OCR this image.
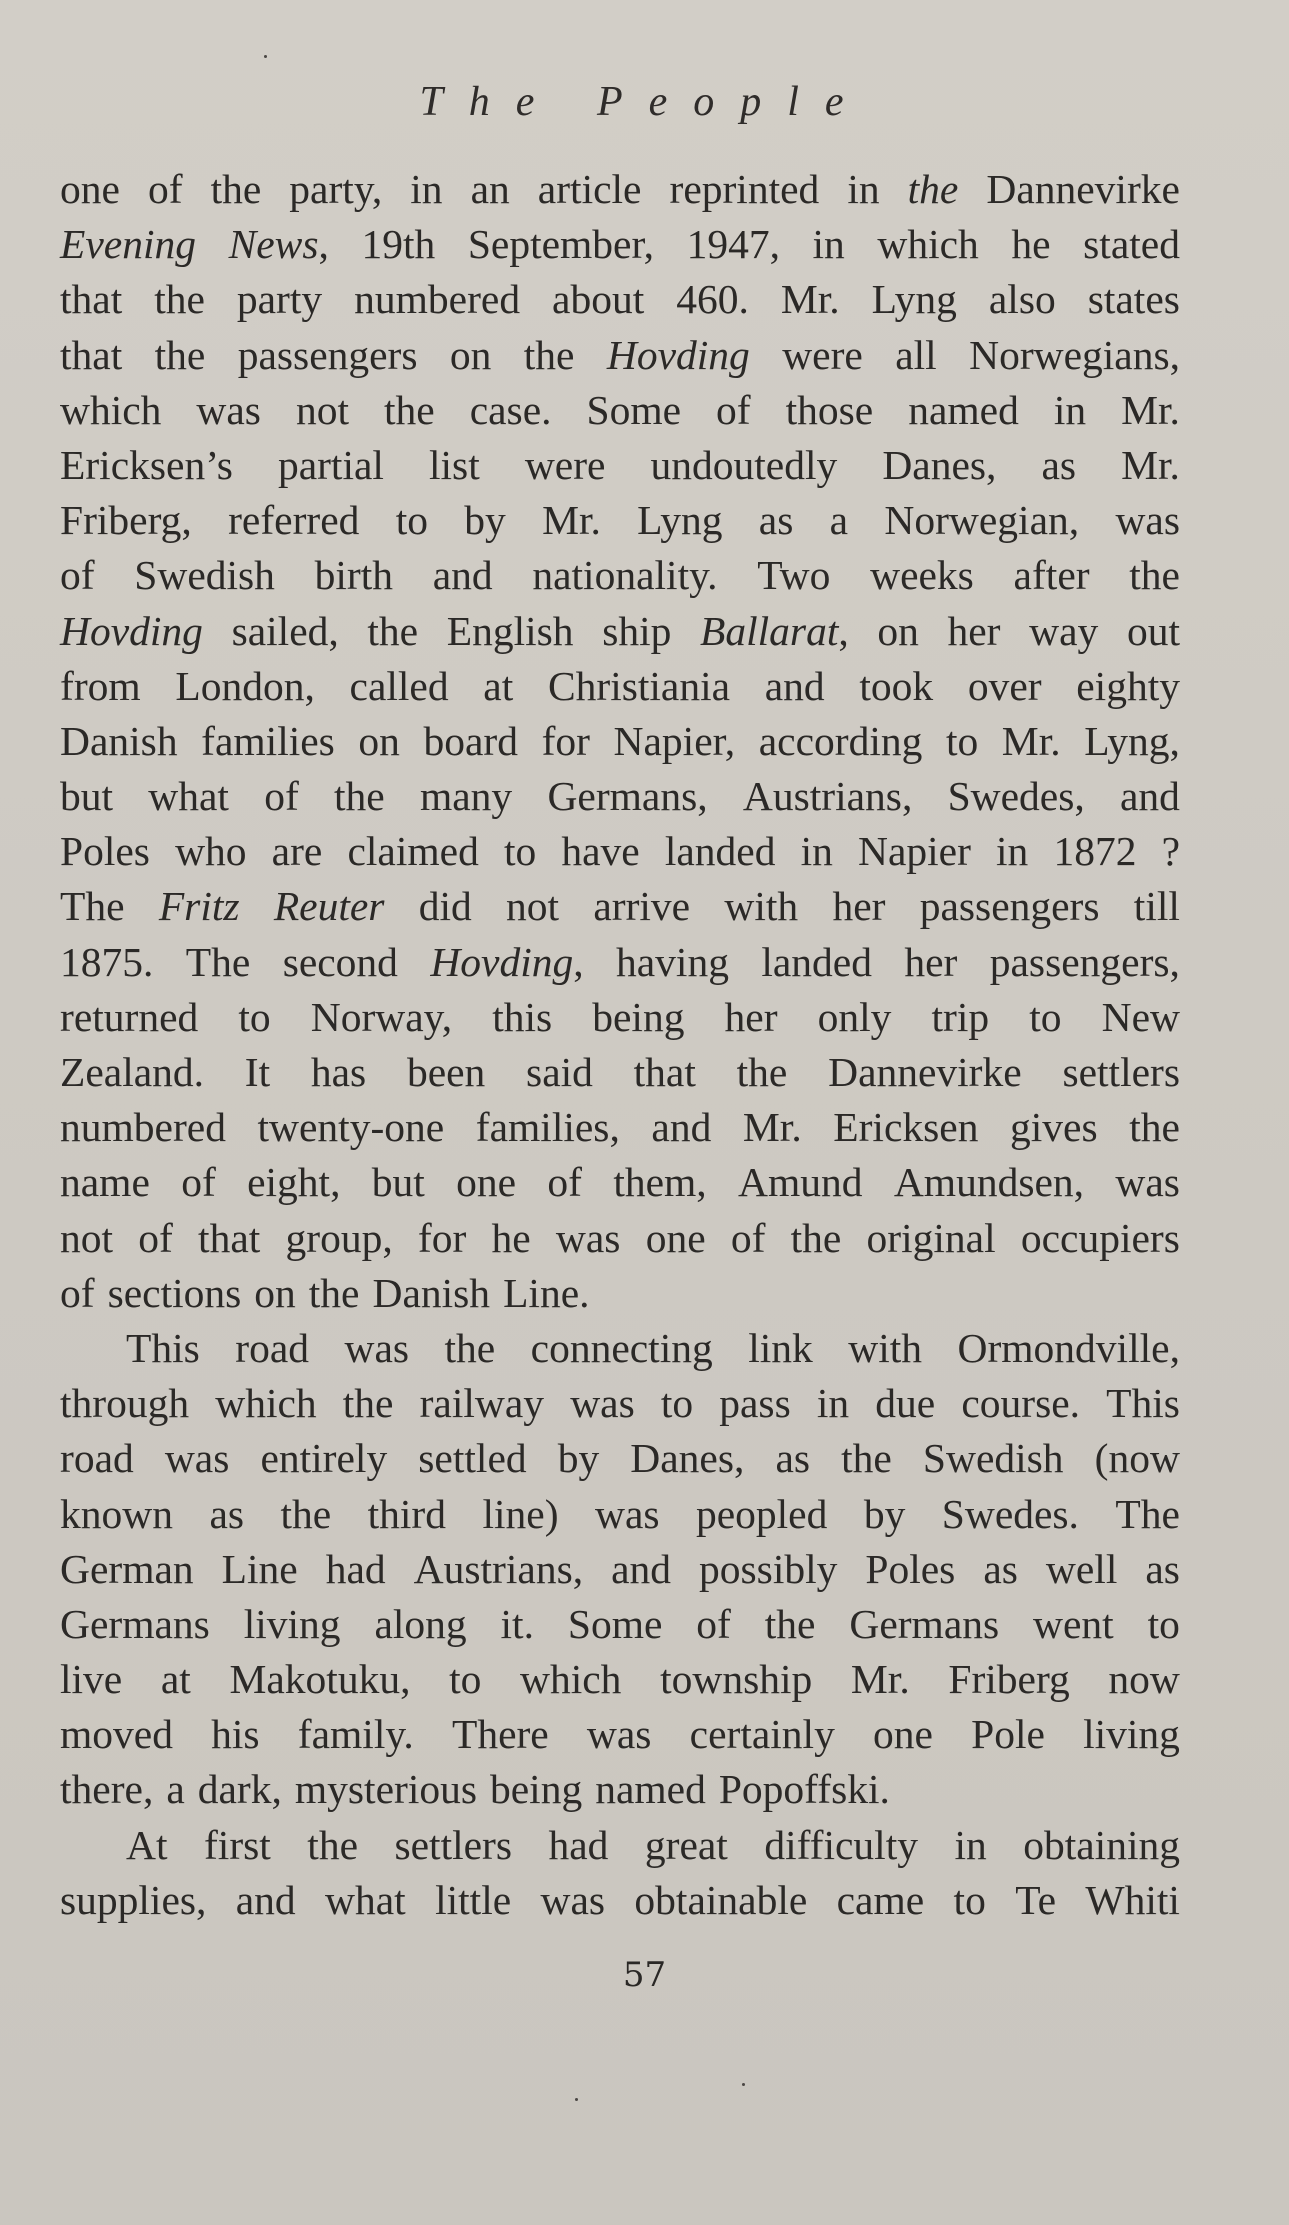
The People
one of the party, in an article reprinted in the Dannevirke
Evening News, 19th September, 1947, in which he stated
that the party numbered about 460. Mr. Lyng also states
that the passengers on the Hovding were all Norwegians,
which was not the case. Some of those named in Mr.
Ericksen’s partial list were undoutedly Danes, as Mr.
Friberg, referred to by Mr. Lyng as a Norwegian, was
of Swedish birth and nationality. Two weeks after the
Hovding sailed, the English ship Ballarat, on her way out
from London, called at Christiania and took over eighty
Danish families on board for Napier, according to Mr. Lyng,
but what of the many Germans, Austrians, Swedes, and
Poles who are claimed to have landed in Napier in 1872 ?
The Fritz Reuter did not arrive with her passengers till
1875. The second Hovding, having landed her passengers,
returned to Norway, this being her only trip to New
Zealand. It has been said that the Dannevirke settlers
numbered twenty-one families, and Mr. Ericksen gives the
name of eight, but one of them, Amund Amundsen, was
not of that group, for he was one of the original occupiers
of sections on the Danish Line.
This road was the connecting link with Ormondville,
through which the railway was to pass in due course. This
road was entirely settled by Danes, as the Swedish (now
known as the third line) was peopled by Swedes. The
German Line had Austrians, and possibly Poles as well as
Germans living along it. Some of the Germans went to
live at Makotuku, to which township Mr. Friberg now
moved his family. There was certainly one Pole living
there, a dark, mysterious being named Popoffski.
At first the settlers had great difficulty in obtaining
supplies, and what little was obtainable came to Te Whiti
57
